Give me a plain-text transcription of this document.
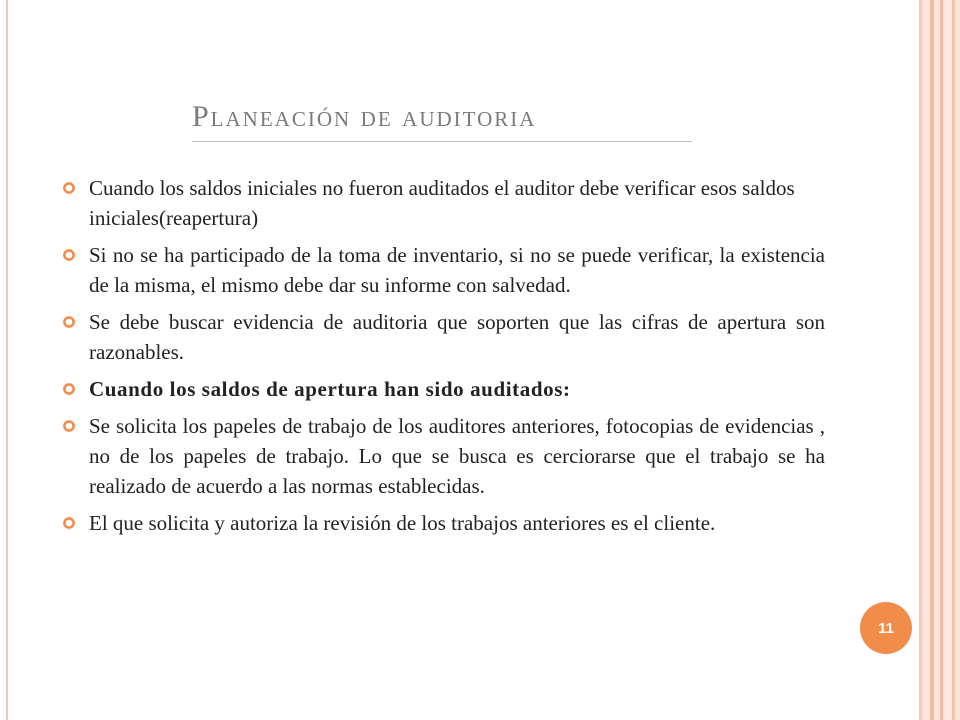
Planeación de auditoria
Cuando los saldos iniciales no fueron auditados el auditor debe verificar esos saldos iniciales(reapertura)
Si no se ha participado de la toma de inventario, si no se puede verificar, la existencia de la misma, el mismo debe dar su informe con salvedad.
Se debe buscar evidencia de auditoria que soporten que las cifras de apertura son razonables.
Cuando los saldos de apertura han sido auditados:
Se solicita los papeles de trabajo de los auditores anteriores, fotocopias de evidencias , no de los papeles de trabajo. Lo que se busca es cerciorarse que el trabajo se ha realizado de acuerdo a las normas establecidas.
El que solicita y autoriza la revisión de los trabajos anteriores es el cliente.
11
